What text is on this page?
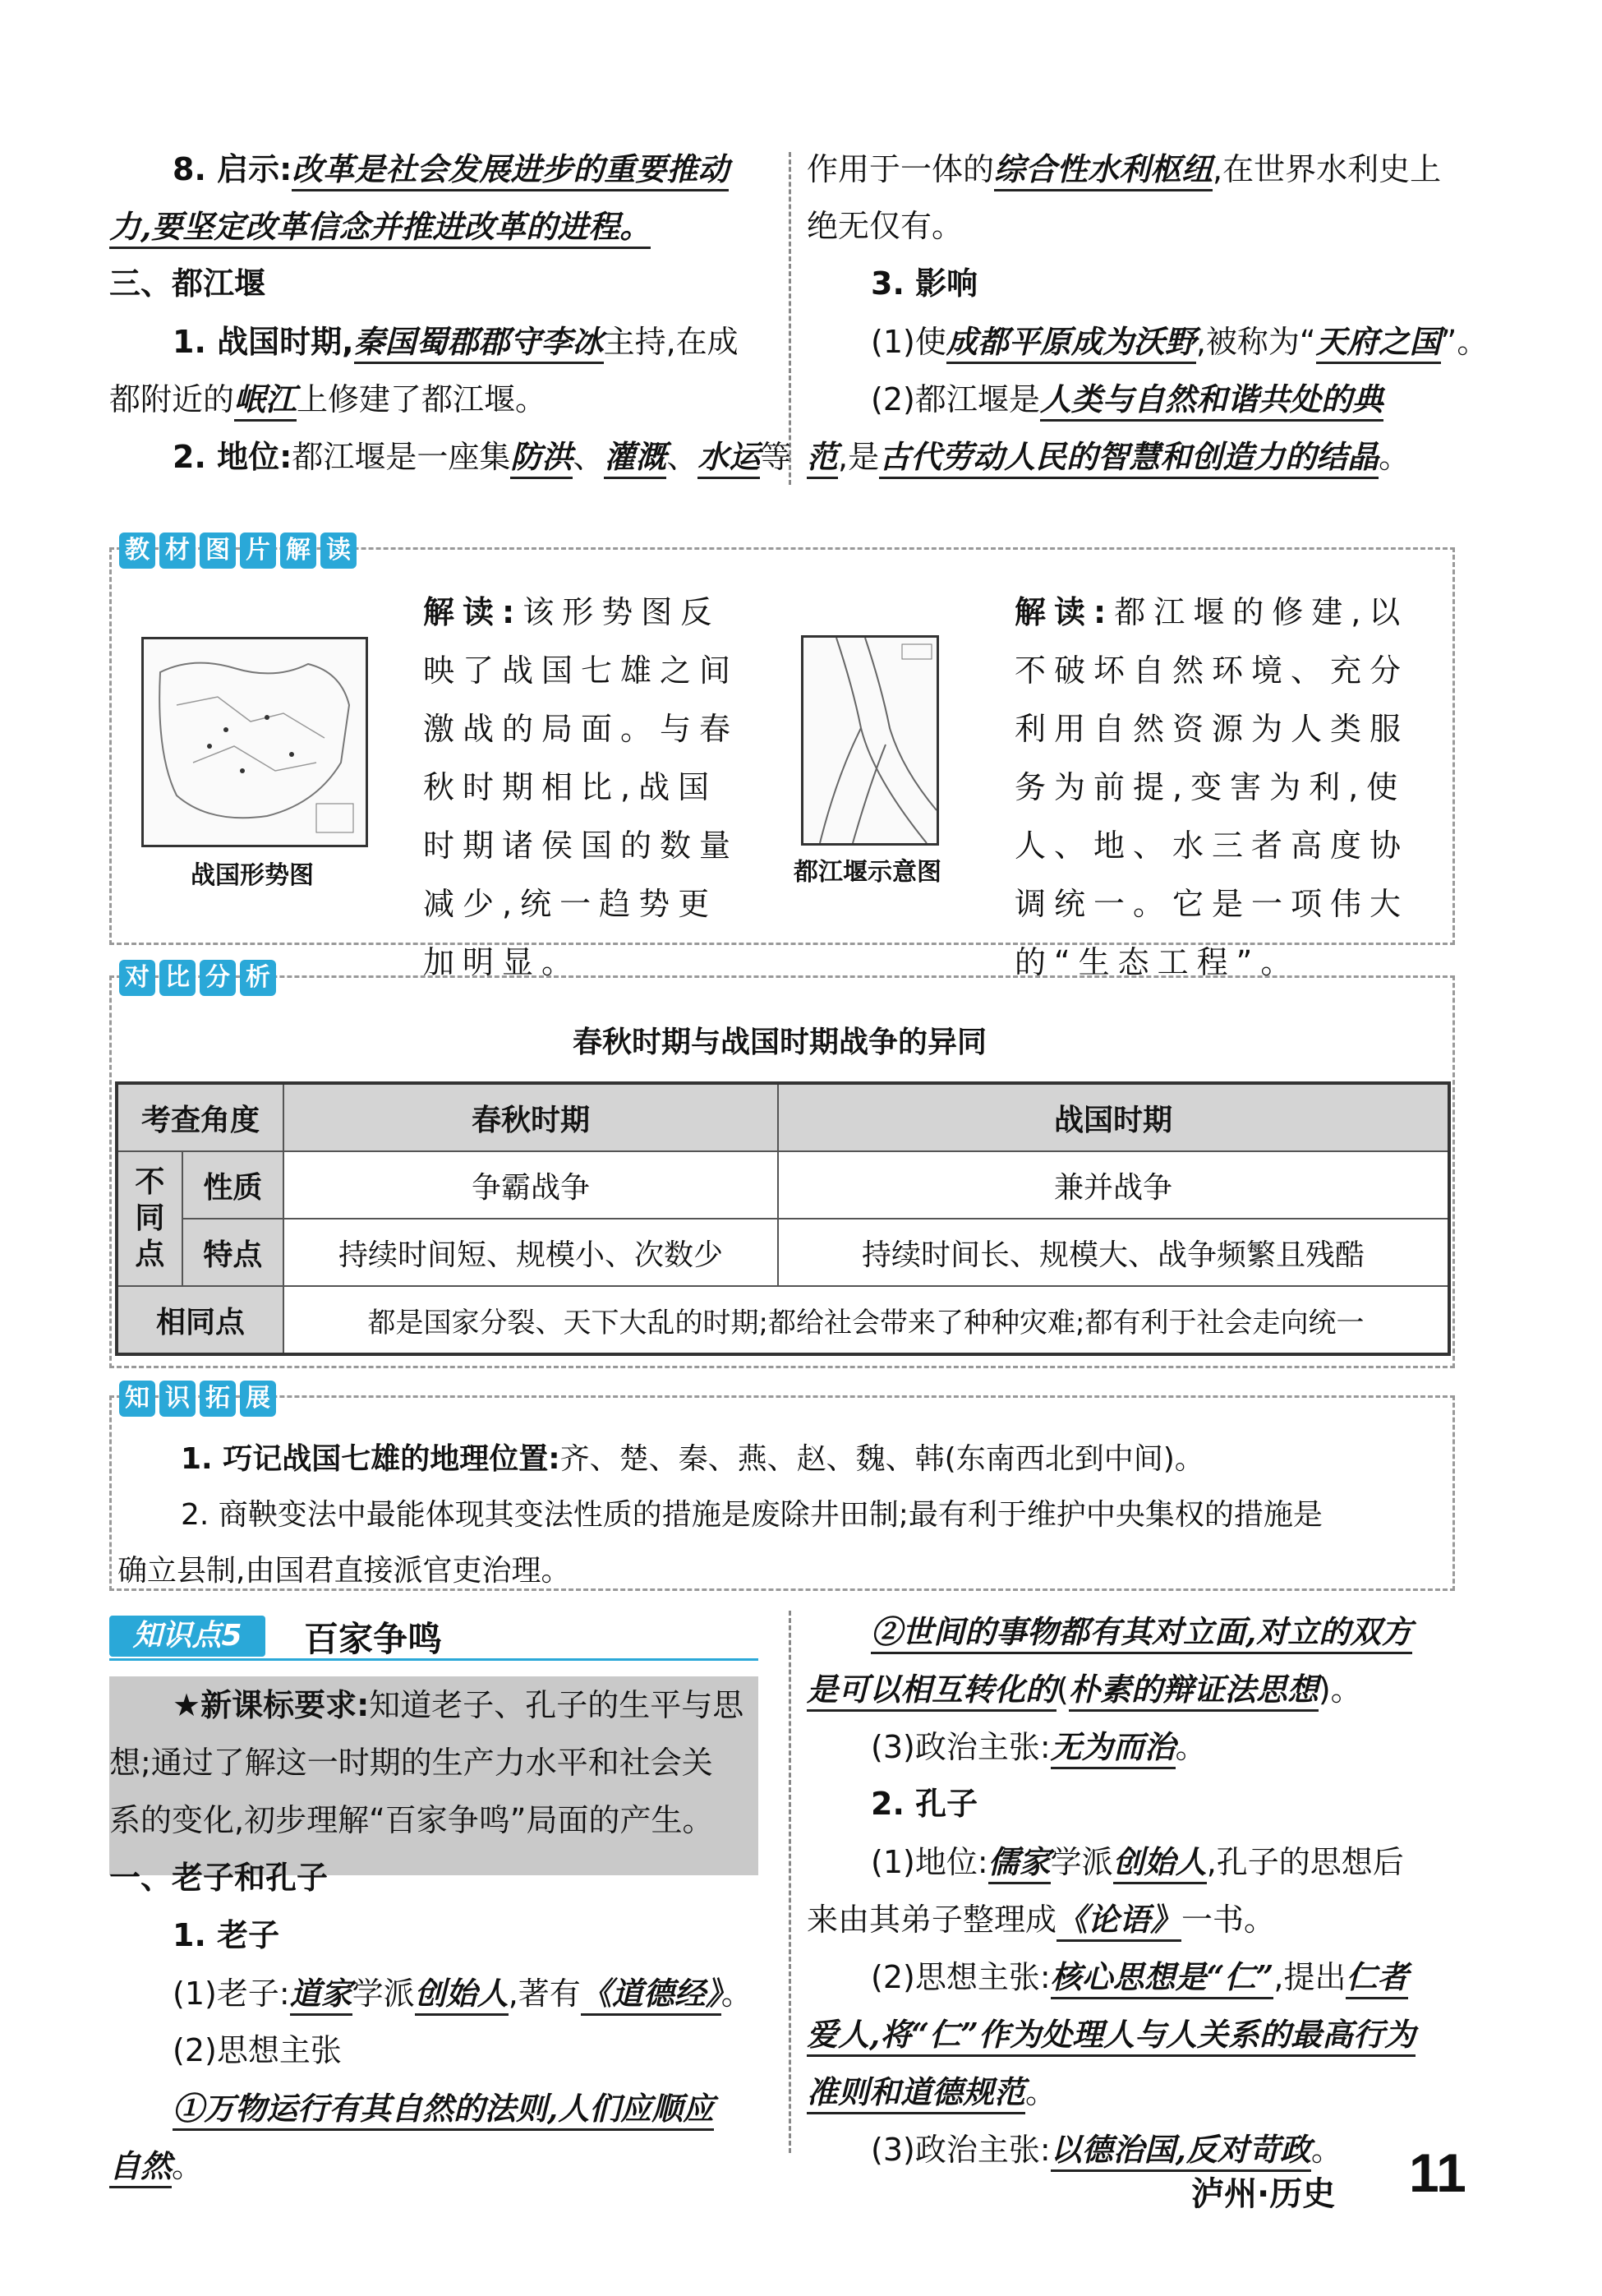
8. 启示:改革是社会发展进步的重要推动
力,要坚定改革信念并推进改革的进程。
三、都江堰
1. 战国时期,秦国蜀郡郡守李冰主持,在成
都附近的岷江上修建了都江堰。
2. 地位:都江堰是一座集防洪、灌溉、水运等
作用于一体的综合性水利枢纽,在世界水利史上
绝无仅有。
3. 影响
(1)使成都平原成为沃野,被称为“天府之国”。
(2)都江堰是人类与自然和谐共处的典
范,是古代劳动人民的智慧和创造力的结晶。
教 材 图 片 解 读
战国形势图
解读:该形势图反映了战国七雄之间激战的局面。与春秋时期相比,战国时期诸侯国的数量减少,统一趋势更加明显。
都江堰示意图
解读:都江堰的修建,以不破坏自然环境、充分利用自然资源为人类服务为前提,变害为利,使人、地、水三者高度协调统一。它是一项伟大的“生态工程”。
对 比 分 析
春秋时期与战国时期战争的异同
考查角度		春秋时期	战国时期
不同点	性质	争霸战争	兼并战争
	特点	持续时间短、规模小、次数少	持续时间长、规模大、战争频繁且残酷
相同点		都是国家分裂、天下大乱的时期;都给社会带来了种种灾难;都有利于社会走向统一	
知 识 拓 展
1. 巧记战国七雄的地理位置:齐、楚、秦、燕、赵、魏、韩(东南西北到中间)。
2. 商鞅变法中最能体现其变法性质的措施是废除井田制;最有利于维护中央集权的措施是
确立县制,由国君直接派官吏治理。
知识点5	百家争鸣
★新课标要求:知道老子、孔子的生平与思
想;通过了解这一时期的生产力水平和社会关
系的变化,初步理解“百家争鸣”局面的产生。
一、老子和孔子
1. 老子
(1)老子:道家学派创始人,著有《道德经》。
(2)思想主张
①万物运行有其自然的法则,人们应顺应
自然。
②世间的事物都有其对立面,对立的双方
是可以相互转化的(朴素的辩证法思想)。
(3)政治主张:无为而治。
2. 孔子
(1)地位:儒家学派创始人,孔子的思想后
来由其弟子整理成《论语》一书。
(2)思想主张:核心思想是“仁”,提出仁者
爱人,将“仁”作为处理人与人关系的最高行为
准则和道德规范。
(3)政治主张:以德治国,反对苛政。
泸州·历史 11
